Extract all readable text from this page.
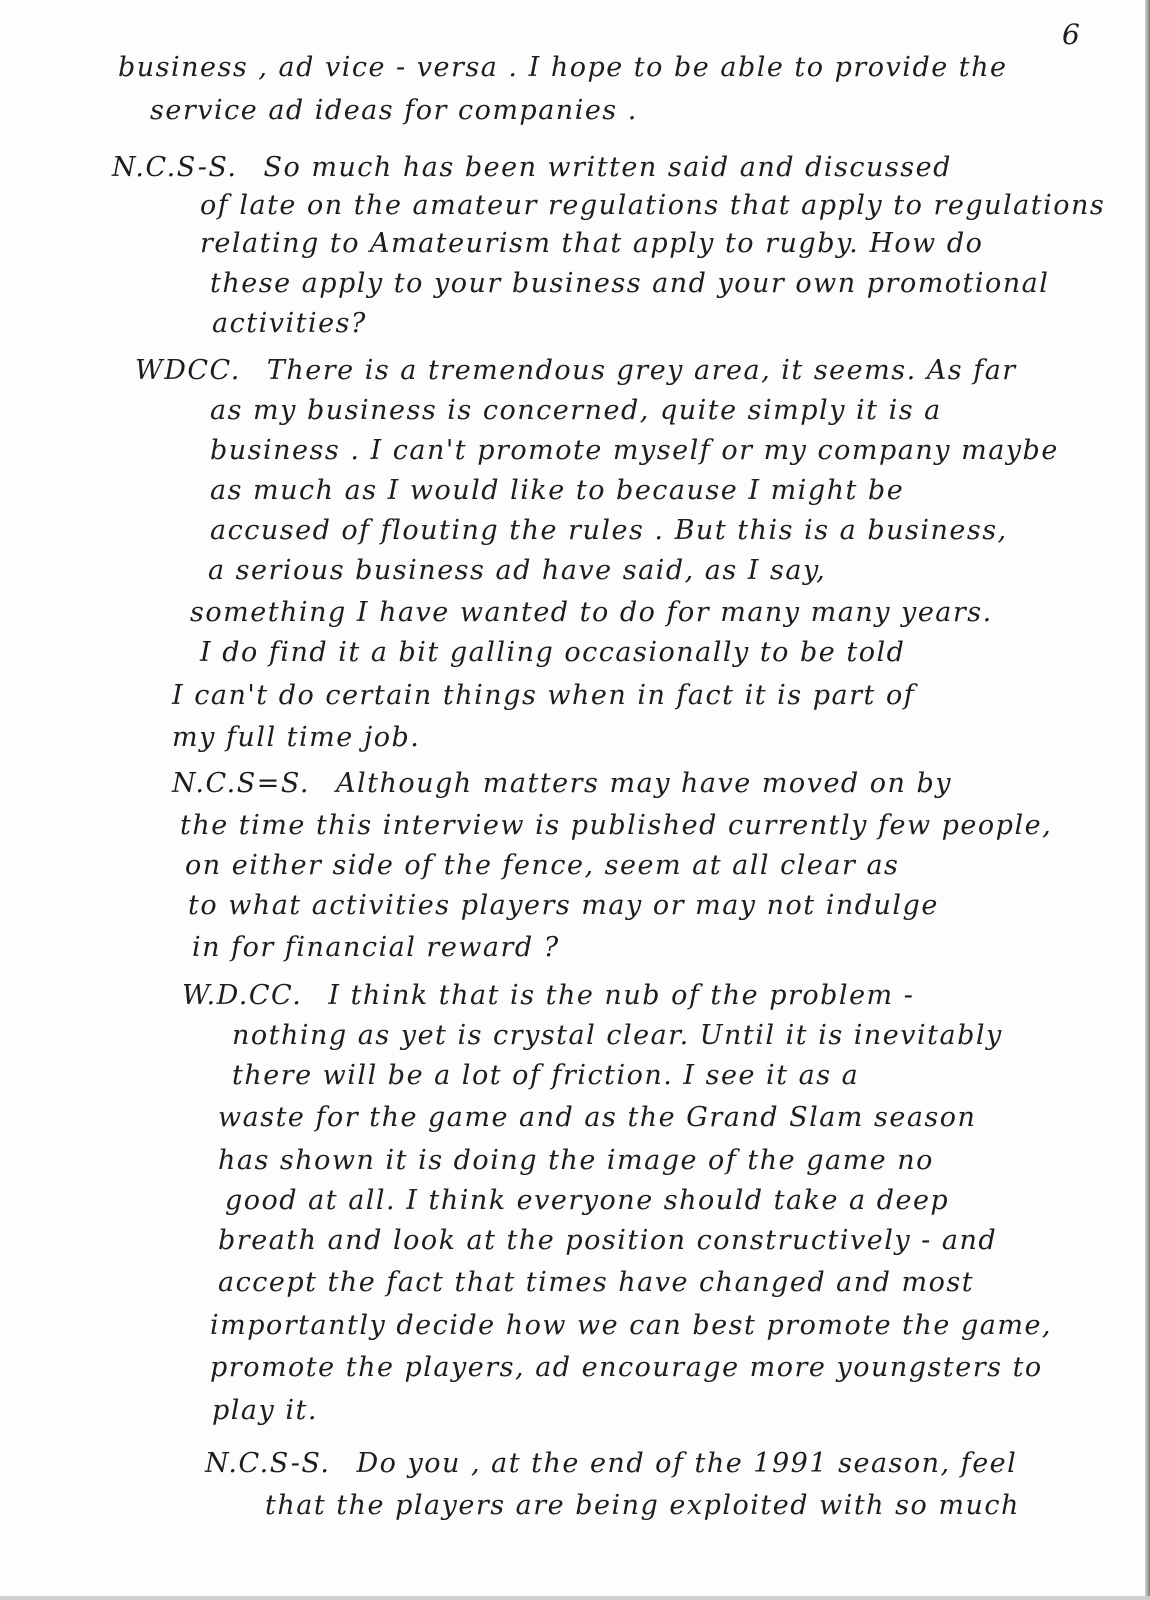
6
business , ad vice - versa . I hope to be able to provide the
service ad ideas for companies .
N.C.S-S. So much has been written said and discussed
of late on the amateur regulations that apply to regulations
relating to Amateurism that apply to rugby. How do
these apply to your business and your own promotional
activities?
WDCC. There is a tremendous grey area, it seems. As far
as my business is concerned, quite simply it is a
business . I can't promote myself or my company maybe
as much as I would like to because I might be
accused of flouting the rules . But this is a business,
a serious business ad have said, as I say,
something I have wanted to do for many many years.
I do find it a bit galling occasionally to be told
I can't do certain things when in fact it is part of
my full time job.
N.C.S=S. Although matters may have moved on by
the time this interview is published currently few people,
on either side of the fence, seem at all clear as
to what activities players may or may not indulge
in for financial reward ?
W.D.CC. I think that is the nub of the problem -
nothing as yet is crystal clear. Until it is inevitably
there will be a lot of friction. I see it as a
waste for the game and as the Grand Slam season
has shown it is doing the image of the game no
good at all. I think everyone should take a deep
breath and look at the position constructively - and
accept the fact that times have changed and most
importantly decide how we can best promote the game,
promote the players, ad encourage more youngsters to
play it.
N.C.S-S. Do you , at the end of the 1991 season, feel
that the players are being exploited with so much
